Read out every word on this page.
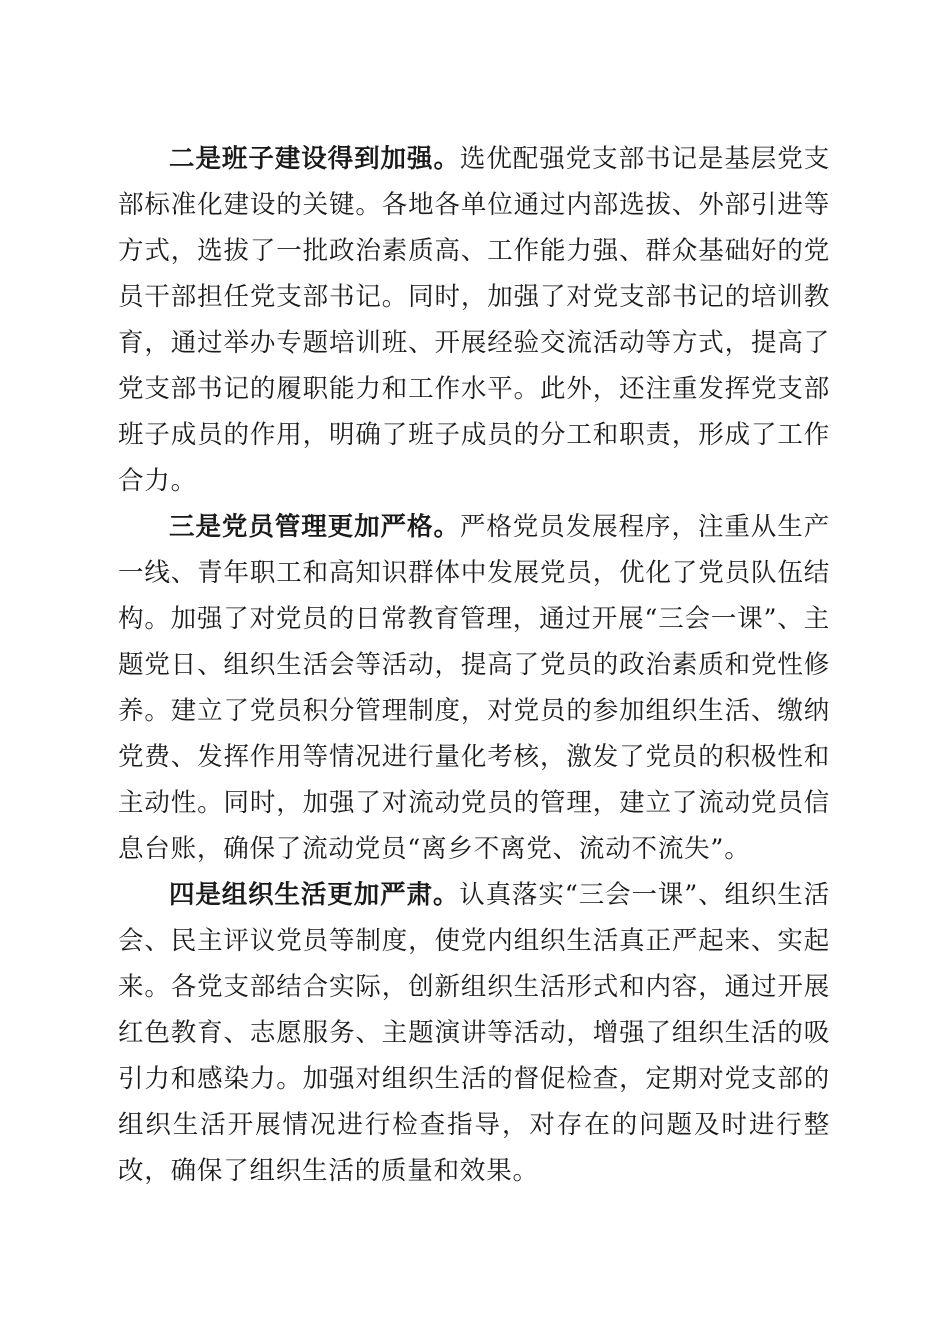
二是班子建设得到加强。选优配强党支部书记是基层党支部标准化建设的关键。各地各单位通过内部选拔、外部引进等方式，选拔了一批政治素质高、工作能力强、群众基础好的党员干部担任党支部书记。同时，加强了对党支部书记的培训教育，通过举办专题培训班、开展经验交流活动等方式，提高了党支部书记的履职能力和工作水平。此外，还注重发挥党支部班子成员的作用，明确了班子成员的分工和职责，形成了工作合力。

三是党员管理更加严格。严格党员发展程序，注重从生产一线、青年职工和高知识群体中发展党员，优化了党员队伍结构。加强了对党员的日常教育管理，通过开展“三会一课”、主题党日、组织生活会等活动，提高了党员的政治素质和党性修养。建立了党员积分管理制度，对党员的参加组织生活、缴纳党费、发挥作用等情况进行量化考核，激发了党员的积极性和主动性。同时，加强了对流动党员的管理，建立了流动党员信息台账，确保了流动党员“离乡不离党、流动不流失”。

四是组织生活更加严肃。认真落实“三会一课”、组织生活会、民主评议党员等制度，使党内组织生活真正严起来、实起来。各党支部结合实际，创新组织生活形式和内容，通过开展红色教育、志愿服务、主题演讲等活动，增强了组织生活的吸引力和感染力。加强对组织生活的督促检查，定期对党支部的组织生活开展情况进行检查指导，对存在的问题及时进行整改，确保了组织生活的质量和效果。
